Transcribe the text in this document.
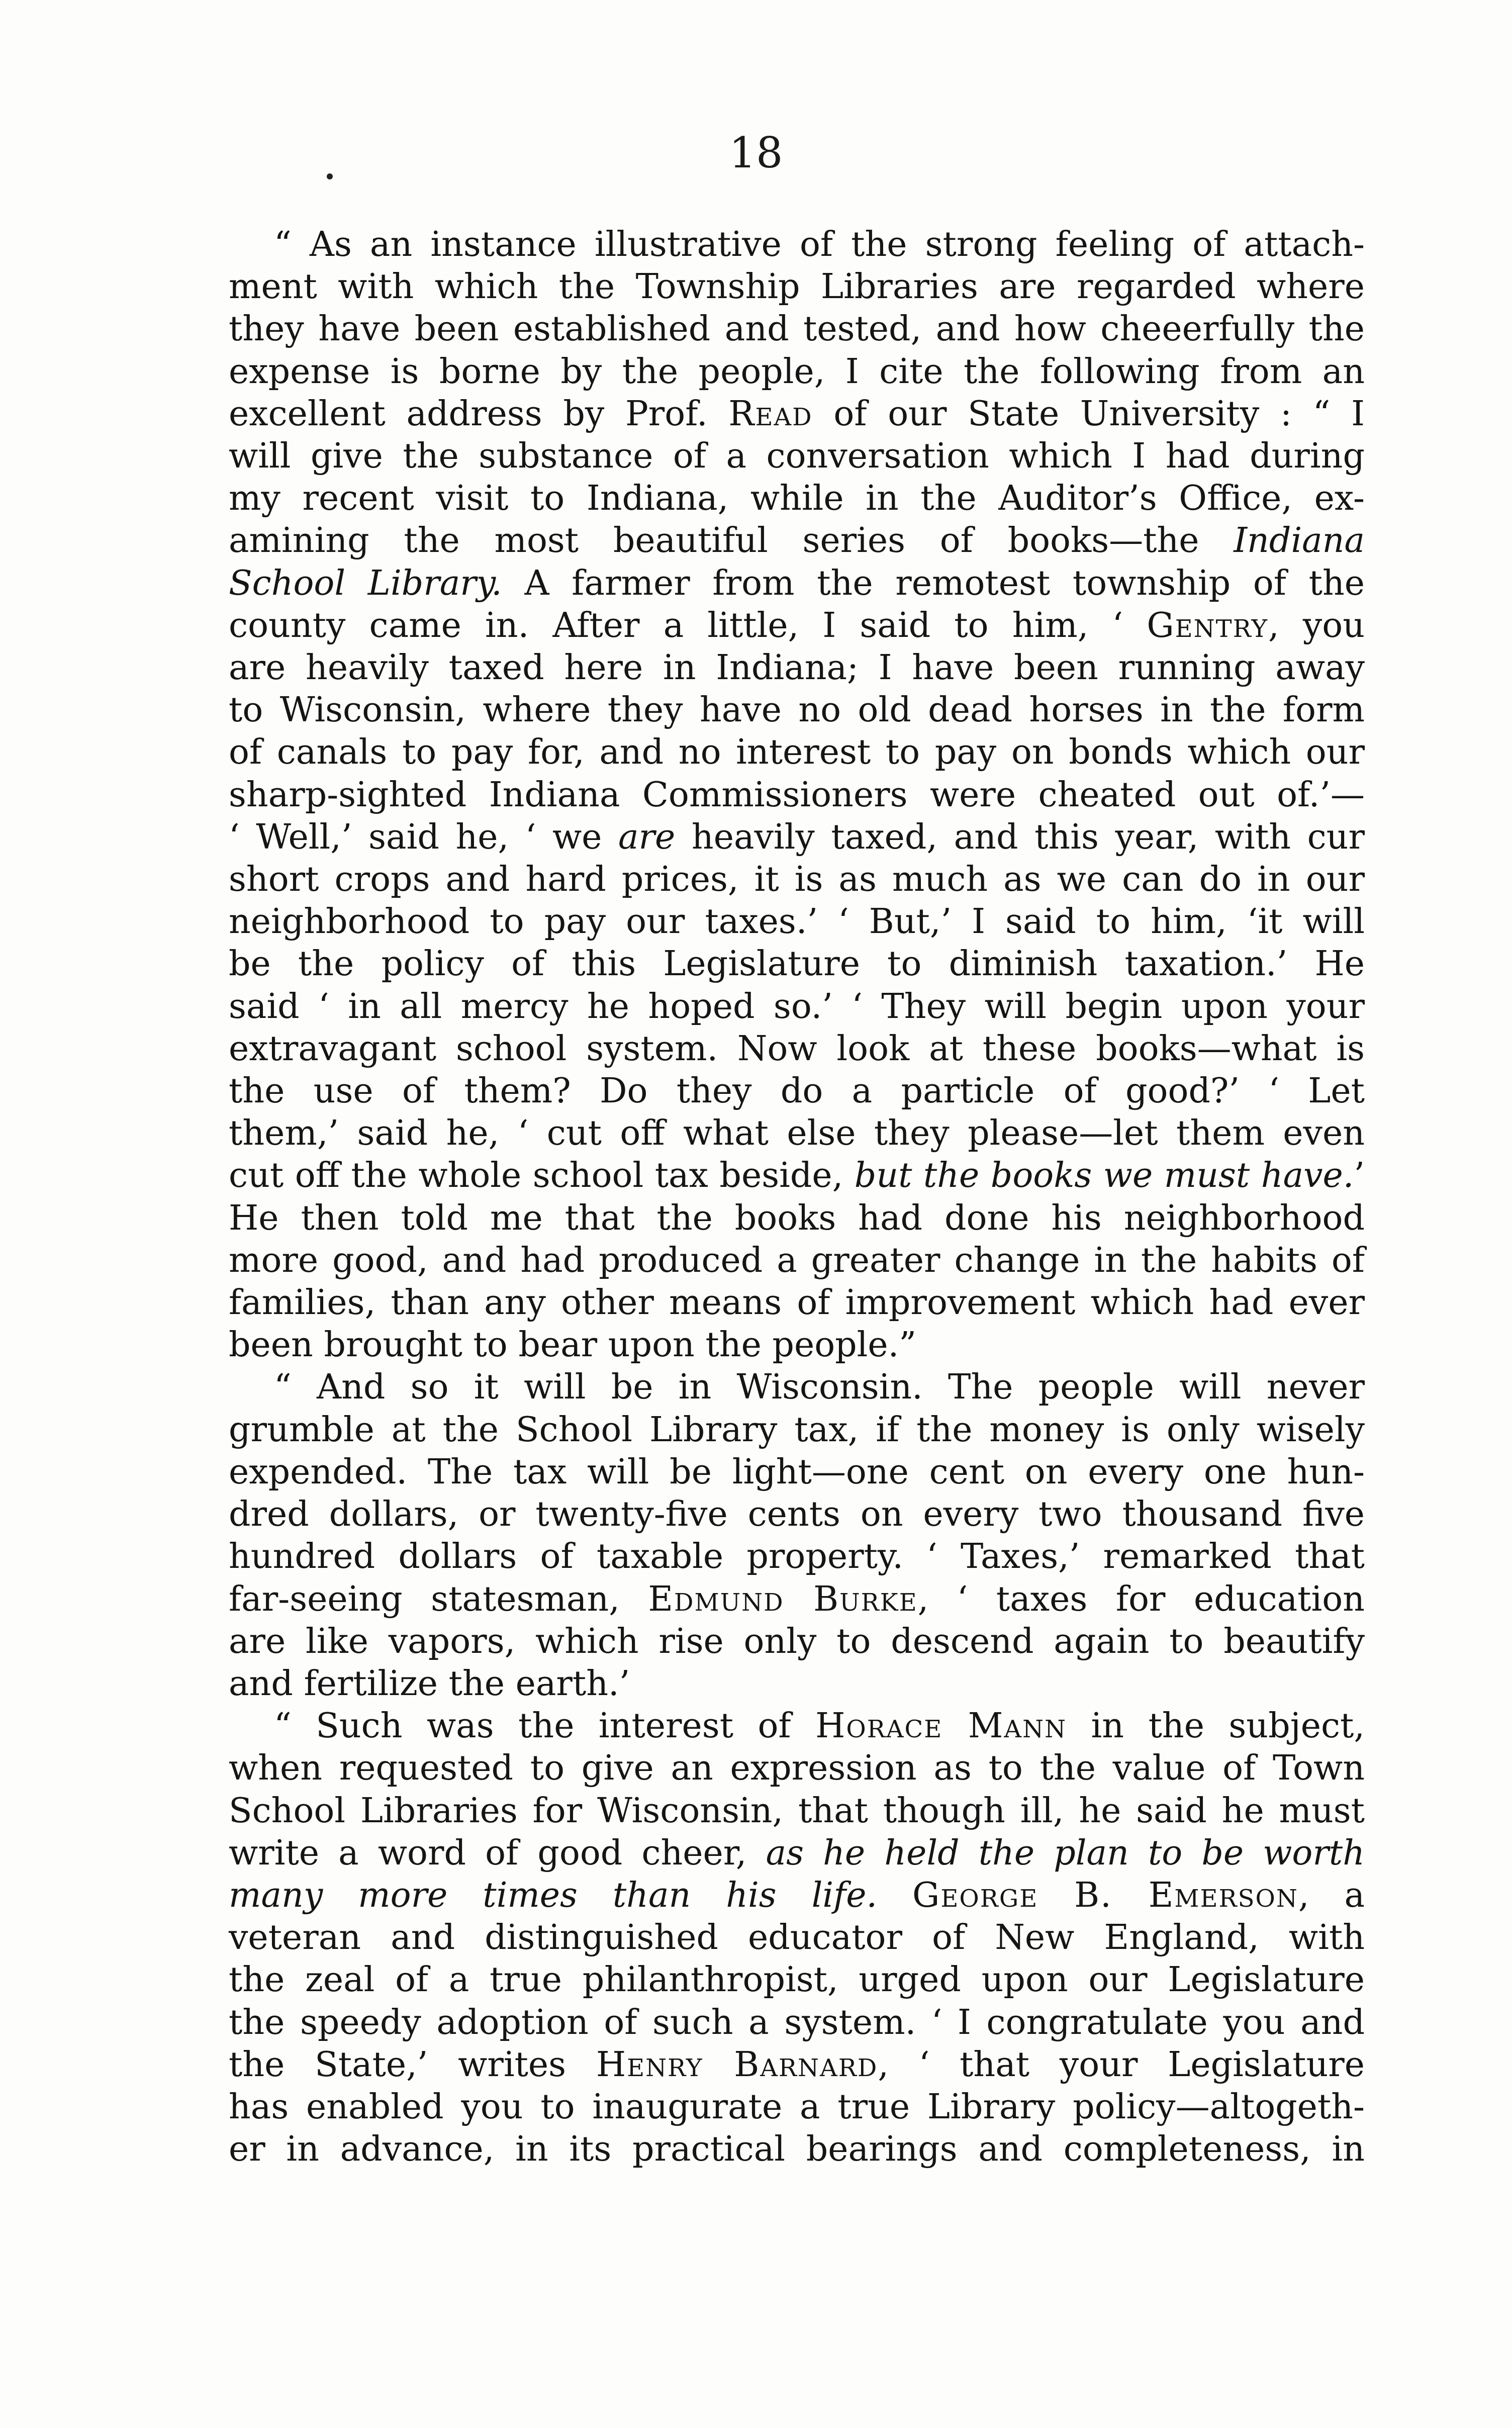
18
“ As an instance illustrative of the strong feeling of attach-
ment with which the Township Libraries are regarded where
they have been established and tested, and how cheeerfully the
expense is borne by the people, I cite the following from an
excellent address by Prof. Read of our State University : “ I
will give the substance of a conversation which I had during
my recent visit to Indiana, while in the Auditor’s Office, ex-
amining the most beautiful series of books—the Indiana
School Library. A farmer from the remotest township of the
county came in. After a little, I said to him, ‘ Gentry, you
are heavily taxed here in Indiana; I have been running away
to Wisconsin, where they have no old dead horses in the form
of canals to pay for, and no interest to pay on bonds which our
sharp-sighted Indiana Commissioners were cheated out of.’—
‘ Well,’ said he, ‘ we are heavily taxed, and this year, with cur
short crops and hard prices, it is as much as we can do in our
neighborhood to pay our taxes.’ ‘ But,’ I said to him, ‘it will
be the policy of this Legislature to diminish taxation.’ He
said ‘ in all mercy he hoped so.’ ‘ They will begin upon your
extravagant school system. Now look at these books—what is
the use of them? Do they do a particle of good?’ ‘ Let
them,’ said he, ‘ cut off what else they please—let them even
cut off the whole school tax beside, but the books we must have.’
He then told me that the books had done his neighborhood
more good, and had produced a greater change in the habits of
families, than any other means of improvement which had ever
been brought to bear upon the people.”
“ And so it will be in Wisconsin. The people will never
grumble at the School Library tax, if the money is only wisely
expended. The tax will be light—one cent on every one hun-
dred dollars, or twenty-five cents on every two thousand five
hundred dollars of taxable property. ‘ Taxes,’ remarked that
far-seeing statesman, Edmund Burke, ‘ taxes for education
are like vapors, which rise only to descend again to beautify
and fertilize the earth.’
“ Such was the interest of Horace Mann in the subject,
when requested to give an expression as to the value of Town
School Libraries for Wisconsin, that though ill, he said he must
write a word of good cheer, as he held the plan to be worth
many more times than his life. George B. Emerson, a
veteran and distinguished educator of New England, with
the zeal of a true philanthropist, urged upon our Legislature
the speedy adoption of such a system. ‘ I congratulate you and
the State,’ writes Henry Barnard, ‘ that your Legislature
has enabled you to inaugurate a true Library policy—altogeth-
er in advance, in its practical bearings and completeness, in
